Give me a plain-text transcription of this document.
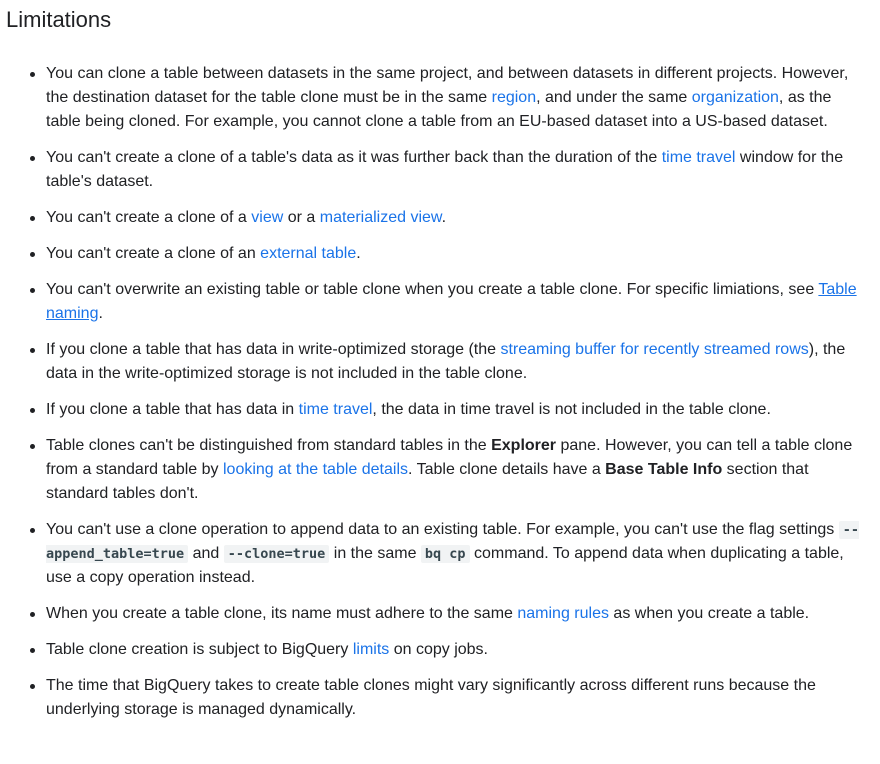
Limitations
You can clone a table between datasets in the same project, and between datasets in different projects. However, the destination dataset for the table clone must be in the same region, and under the same organization, as the table being cloned. For example, you cannot clone a table from an EU-based dataset into a US-based dataset.
You can't create a clone of a table's data as it was further back than the duration of the time travel window for the table's dataset.
You can't create a clone of a view or a materialized view.
You can't create a clone of an external table.
You can't overwrite an existing table or table clone when you create a table clone. For specific limiations, see Table naming.
If you clone a table that has data in write-optimized storage (the streaming buffer for recently streamed rows), the data in the write-optimized storage is not included in the table clone.
If you clone a table that has data in time travel, the data in time travel is not included in the table clone.
Table clones can't be distinguished from standard tables in the Explorer pane. However, you can tell a table clone from a standard table by looking at the table details. Table clone details have a Base Table Info section that standard tables don't.
You can't use a clone operation to append data to an existing table. For example, you can't use the flag settings --append_table=true and --clone=true in the same bq cp command. To append data when duplicating a table, use a copy operation instead.
When you create a table clone, its name must adhere to the same naming rules as when you create a table.
Table clone creation is subject to BigQuery limits on copy jobs.
The time that BigQuery takes to create table clones might vary significantly across different runs because the underlying storage is managed dynamically.
